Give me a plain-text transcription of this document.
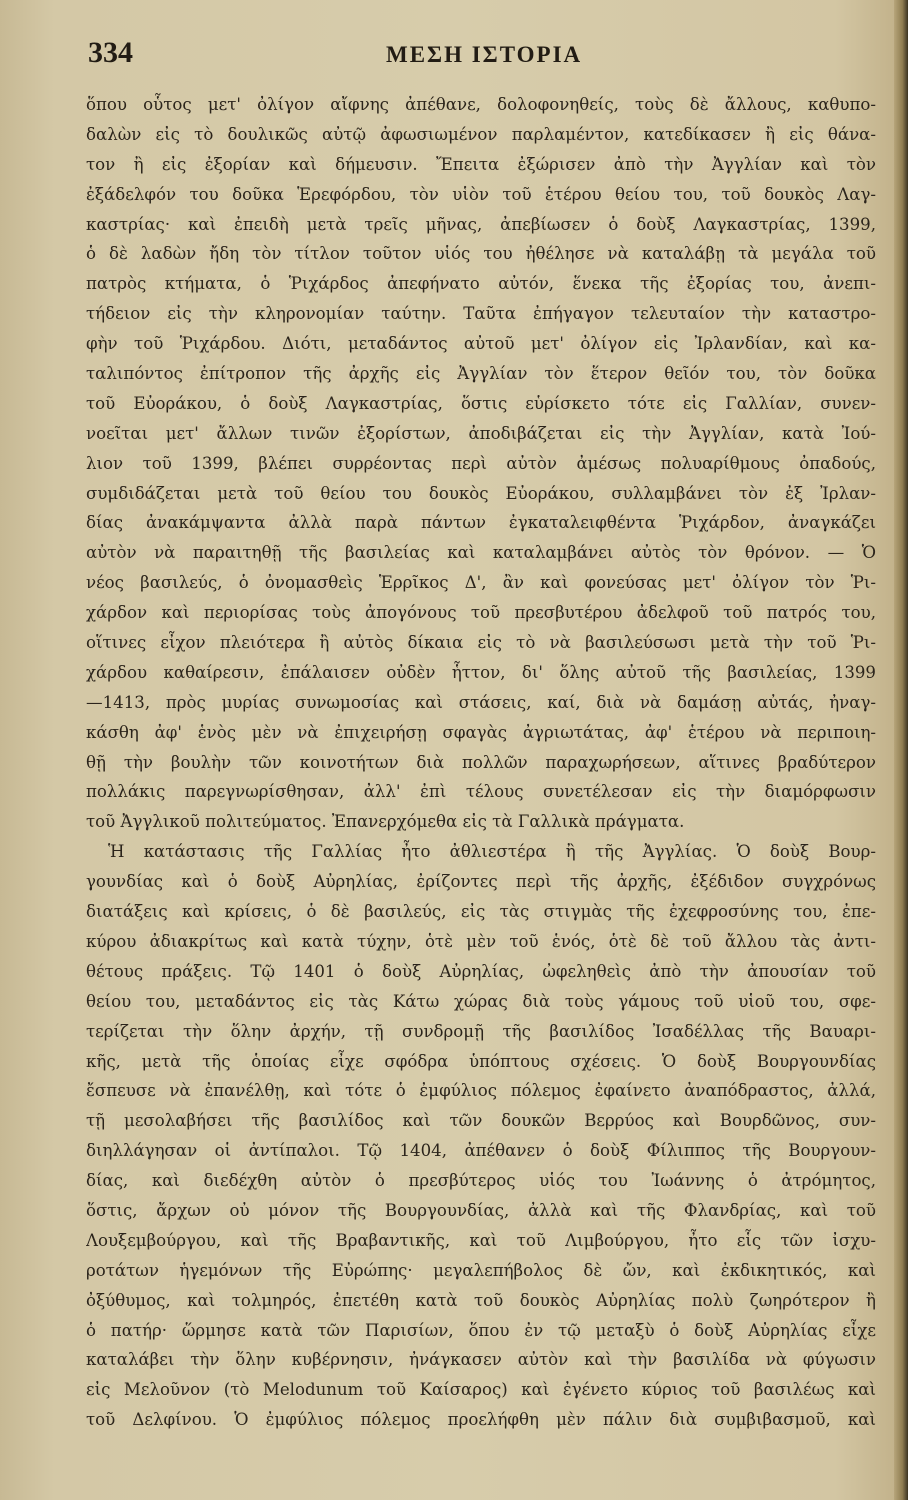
334	ΜΕΣΗ ΙΣΤΟΡΙΑ
ὅπου οὗτος μετ' ὀλίγον αἴφνης ἀπέθανε, δολοφονηθείς, τοὺς δὲ ἄλλους, καθυπο-
δαλὼν εἰς τὸ δουλικῶς αὐτῷ ἀφωσιωμένον παρλαμέντον, κατεδίκασεν ἢ εἰς θάνα-
τον ἢ εἰς ἐξορίαν καὶ δήμευσιν. Ἔπειτα ἐξώρισεν ἀπὸ τὴν Ἀγγλίαν καὶ τὸν
ἐξάδελφόν του δοῦκα Ἑρεφόρδου, τὸν υἱὸν τοῦ ἑτέρου θείου του, τοῦ δουκὸς Λαγ-
καστρίας· καὶ ἐπειδὴ μετὰ τρεῖς μῆνας, ἀπεβίωσεν ὁ δοὺξ Λαγκαστρίας, 1399,
ὁ δὲ λαδὼν ἤδη τὸν τίτλον τοῦτον υἱός του ἠθέλησε νὰ καταλάβῃ τὰ μεγάλα τοῦ
πατρὸς κτήματα, ὁ Ῥιχάρδος ἀπεφήνατο αὐτόν, ἕνεκα τῆς ἐξορίας του, ἀνεπι-
τήδειον εἰς τὴν κληρονομίαν ταύτην. Ταῦτα ἐπήγαγον τελευταίον τὴν καταστρο-
φὴν τοῦ Ῥιχάρδου. Διότι, μεταδάντος αὐτοῦ μετ' ὀλίγον εἰς Ἰρλανδίαν, καὶ κα-
ταλιπόντος ἐπίτροπον τῆς ἀρχῆς εἰς Ἀγγλίαν τὸν ἕτερον θεῖόν του, τὸν δοῦκα
τοῦ Εὐοράκου, ὁ δοὺξ Λαγκαστρίας, ὅστις εὑρίσκετο τότε εἰς Γαλλίαν, συνεν-
νοεῖται μετ' ἄλλων τινῶν ἐξορίστων, ἀποδιβάζεται εἰς τὴν Ἀγγλίαν, κατὰ Ἰού-
λιον τοῦ 1399, βλέπει συρρέοντας περὶ αὐτὸν ἀμέσως πολυαρίθμους ὀπαδούς,
συμδιδάζεται μετὰ τοῦ θείου του δουκὸς Εὐοράκου, συλλαμβάνει τὸν ἐξ Ἰρλαν-
δίας ἀνακάμψαντα ἀλλὰ παρὰ πάντων ἐγκαταλειφθέντα Ῥιχάρδον, ἀναγκάζει
αὐτὸν νὰ παραιτηθῇ τῆς βασιλείας καὶ καταλαμβάνει αὐτὸς τὸν θρόνον. — Ὁ
νέος βασιλεύς, ὁ ὀνομασθεὶς Ἑρρῖκος Δ', ἂν καὶ φονεύσας μετ' ὀλίγον τὸν Ῥι-
χάρδον καὶ περιορίσας τοὺς ἀπογόνους τοῦ πρεσβυτέρου ἀδελφοῦ τοῦ πατρός του,
οἵτινες εἶχον πλειότερα ἢ αὐτὸς δίκαια εἰς τὸ νὰ βασιλεύσωσι μετὰ τὴν τοῦ Ῥι-
χάρδου καθαίρεσιν, ἐπάλαισεν οὐδὲν ἧττον, δι' ὅλης αὐτοῦ τῆς βασιλείας, 1399
—1413, πρὸς μυρίας συνωμοσίας καὶ στάσεις, καί, διὰ νὰ δαμάσῃ αὐτάς, ἠναγ-
κάσθη ἀφ' ἑνὸς μὲν νὰ ἐπιχειρήσῃ σφαγὰς ἀγριωτάτας, ἀφ' ἑτέρου νὰ περιποιη-
θῇ τὴν βουλὴν τῶν κοινοτήτων διὰ πολλῶν παραχωρήσεων, αἵτινες βραδύτερον
πολλάκις παρεγνωρίσθησαν, ἀλλ' ἐπὶ τέλους συνετέλεσαν εἰς τὴν διαμόρφωσιν
τοῦ Ἀγγλικοῦ πολιτεύματος. Ἐπανερχόμεθα εἰς τὰ Γαλλικὰ πράγματα.
Ἡ κατάστασις τῆς Γαλλίας ἦτο ἀθλιεστέρα ἢ τῆς Ἀγγλίας. Ὁ δοὺξ Βουρ-
γουνδίας καὶ ὁ δοὺξ Αὐρηλίας, ἐρίζοντες περὶ τῆς ἀρχῆς, ἐξέδιδον συγχρόνως
διατάξεις καὶ κρίσεις, ὁ δὲ βασιλεύς, εἰς τὰς στιγμὰς τῆς ἐχεφροσύνης του, ἐπε-
κύρου ἀδιακρίτως καὶ κατὰ τύχην, ὁτὲ μὲν τοῦ ἑνός, ὁτὲ δὲ τοῦ ἄλλου τὰς ἀντι-
θέτους πράξεις. Τῷ 1401 ὁ δοὺξ Αὐρηλίας, ὠφεληθεὶς ἀπὸ τὴν ἀπουσίαν τοῦ
θείου του, μεταδάντος εἰς τὰς Κάτω χώρας διὰ τοὺς γάμους τοῦ υἱοῦ του, σφε-
τερίζεται τὴν ὅλην ἀρχήν, τῇ συνδρομῇ τῆς βασιλίδος Ἰσαδέλλας τῆς Βαυαρι-
κῆς, μετὰ τῆς ὁποίας εἶχε σφόδρα ὑπόπτους σχέσεις. Ὁ δοὺξ Βουργουνδίας
ἔσπευσε νὰ ἐπανέλθῃ, καὶ τότε ὁ ἐμφύλιος πόλεμος ἐφαίνετο ἀναπόδραστος, ἀλλά,
τῇ μεσολαβήσει τῆς βασιλίδος καὶ τῶν δουκῶν Βερρύος καὶ Βουρδῶνος, συν-
διηλλάγησαν οἱ ἀντίπαλοι. Τῷ 1404, ἀπέθανεν ὁ δοὺξ Φίλιππος τῆς Βουργουν-
δίας, καὶ διεδέχθη αὐτὸν ὁ πρεσβύτερος υἱός του Ἰωάννης ὁ ἀτρόμητος,
ὅστις, ἄρχων οὐ μόνον τῆς Βουργουνδίας, ἀλλὰ καὶ τῆς Φλανδρίας, καὶ τοῦ
Λουξεμβούργου, καὶ τῆς Βραβαντικῆς, καὶ τοῦ Λιμβούργου, ἦτο εἷς τῶν ἰσχυ-
ροτάτων ἡγεμόνων τῆς Εὐρώπης· μεγαλεπήβολος δὲ ὤν, καὶ ἐκδικητικός, καὶ
ὀξύθυμος, καὶ τολμηρός, ἐπετέθη κατὰ τοῦ δουκὸς Αὐρηλίας πολὺ ζωηρότερον ἢ
ὁ πατήρ· ὥρμησε κατὰ τῶν Παρισίων, ὅπου ἐν τῷ μεταξὺ ὁ δοὺξ Αὐρηλίας εἶχε
καταλάβει τὴν ὅλην κυβέρνησιν, ἠνάγκασεν αὐτὸν καὶ τὴν βασιλίδα νὰ φύγωσιν
εἰς Μελοῦνον (τὸ Melodunum τοῦ Καίσαρος) καὶ ἐγένετο κύριος τοῦ βασιλέως καὶ
τοῦ Δελφίνου. Ὁ ἐμφύλιος πόλεμος προελήφθη μὲν πάλιν διὰ συμβιβασμοῦ, καὶ
